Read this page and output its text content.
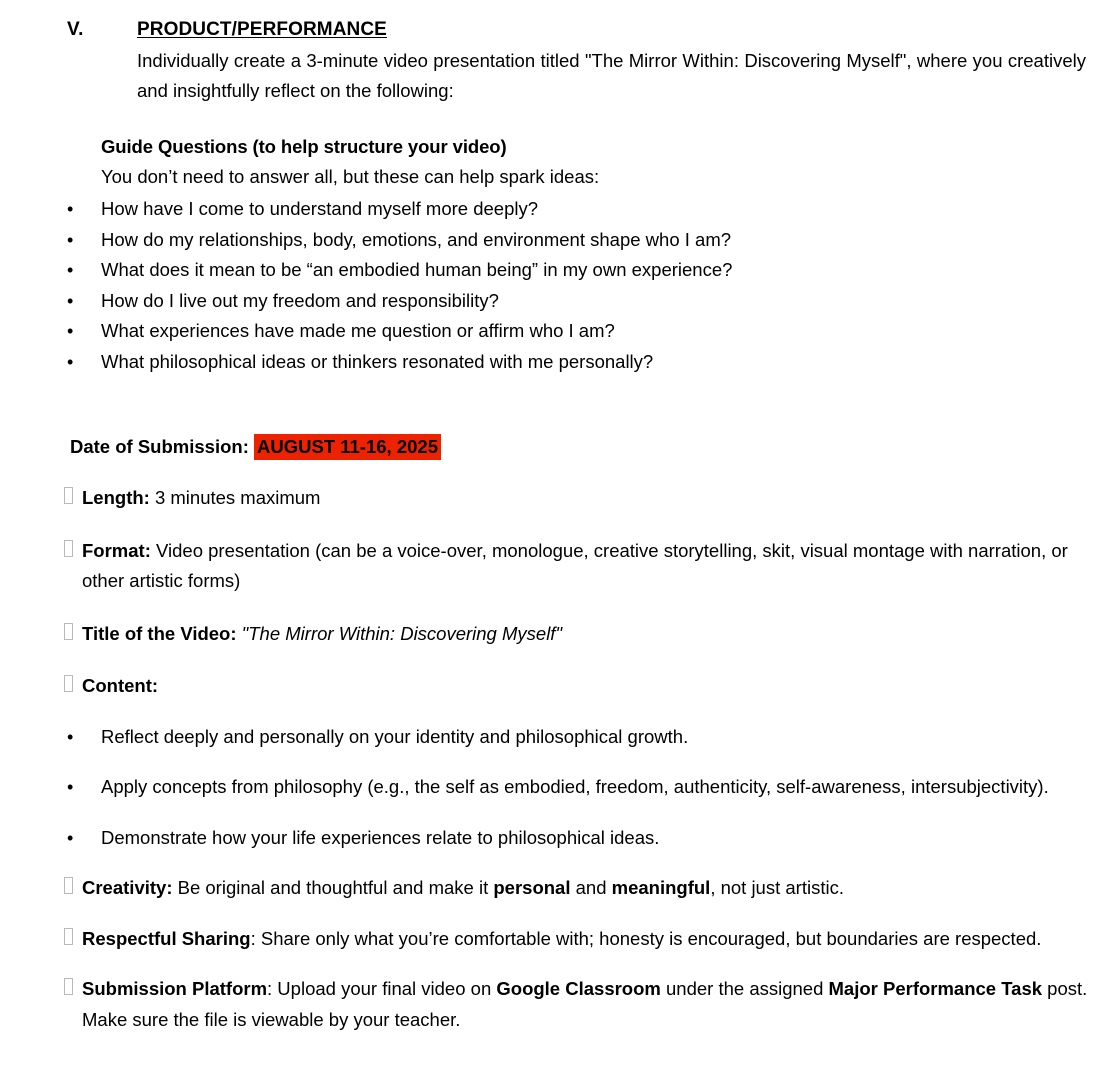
V.	PRODUCT/PERFORMANCE

Individually create a 3-minute video presentation titled "The Mirror Within: Discovering Myself", where you creatively and insightfully reflect on the following:

Guide Questions (to help structure your video)
You don’t need to answer all, but these can help spark ideas:
• How have I come to understand myself more deeply?
• How do my relationships, body, emotions, and environment shape who I am?
• What does it mean to be “an embodied human being” in my own experience?
• How do I live out my freedom and responsibility?
• What experiences have made me question or affirm who I am?
• What philosophical ideas or thinkers resonated with me personally?
Date of Submission: AUGUST 11-16, 2025
Length: 3 minutes maximum
Format: Video presentation (can be a voice-over, monologue, creative storytelling, skit, visual montage with narration, or other artistic forms)
Title of the Video: "The Mirror Within: Discovering Myself"
Content:
• Reflect deeply and personally on your identity and philosophical growth.
• Apply concepts from philosophy (e.g., the self as embodied, freedom, authenticity, self-awareness, intersubjectivity).
• Demonstrate how your life experiences relate to philosophical ideas.
Creativity: Be original and thoughtful and make it personal and meaningful, not just artistic.
Respectful Sharing: Share only what you’re comfortable with; honesty is encouraged, but boundaries are respected.
Submission Platform: Upload your final video on Google Classroom under the assigned Major Performance Task post. Make sure the file is viewable by your teacher.
